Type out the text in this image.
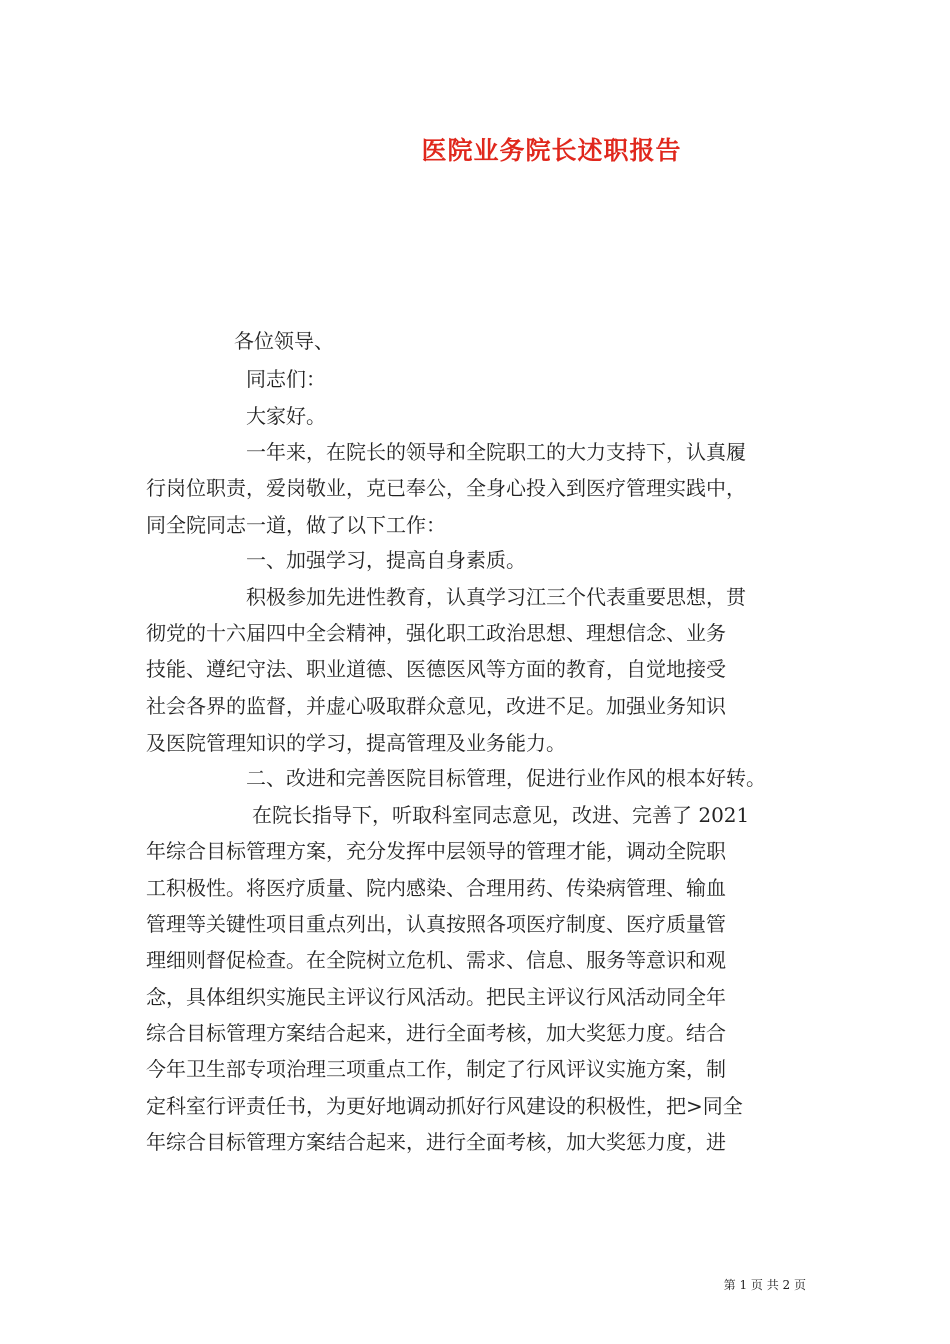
医院业务院长述职报告
各位领导、
同志们：
大家好。
一年来，在院长的领导和全院职工的大力支持下，认真履
行岗位职责，爱岗敬业，克已奉公，全身心投入到医疗管理实践中，
同全院同志一道，做了以下工作：
一、加强学习，提高自身素质。
积极参加先进性教育，认真学习江三个代表重要思想，贯
彻党的十六届四中全会精神，强化职工政治思想、理想信念、业务
技能、遵纪守法、职业道德、医德医风等方面的教育，自觉地接受
社会各界的监督，并虚心吸取群众意见，改进不足。加强业务知识
及医院管理知识的学习，提高管理及业务能力。
二、改进和完善医院目标管理，促进行业作风的根本好转。
在院长指导下，听取科室同志意见，改进、完善了 2021
年综合目标管理方案，充分发挥中层领导的管理才能，调动全院职
工积极性。将医疗质量、院内感染、合理用药、传染病管理、输血
管理等关键性项目重点列出，认真按照各项医疗制度、医疗质量管
理细则督促检查。在全院树立危机、需求、信息、服务等意识和观
念，具体组织实施民主评议行风活动。把民主评议行风活动同全年
综合目标管理方案结合起来，进行全面考核，加大奖惩力度。结合
今年卫生部专项治理三项重点工作，制定了行风评议实施方案，制
定科室行评责任书，为更好地调动抓好行风建设的积极性，把>同全
年综合目标管理方案结合起来，进行全面考核，加大奖惩力度，进
第 1 页 共 2 页
